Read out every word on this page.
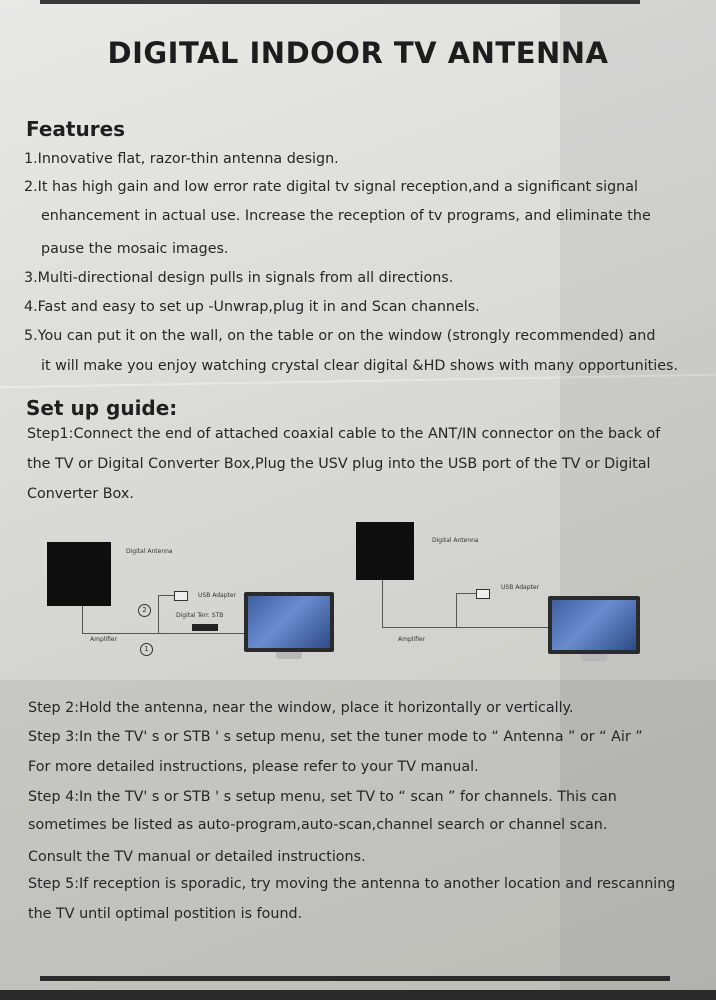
DIGITAL INDOOR TV ANTENNA
Features
1.Innovative flat, razor-thin antenna design.
2.It has high gain and low error rate digital tv signal reception,and a significant signal
enhancement in actual use. Increase the reception of tv programs, and eliminate the
pause the mosaic images.
3.Multi-directional design pulls in signals from all directions.
4.Fast and easy to set up -Unwrap,plug it in and Scan channels.
5.You can put it on the wall, on the table or on the window (strongly recommended) and
it will make you enjoy watching crystal clear digital &HD shows with many opportunities.
Set up guide:
Step1:Connect the end of attached coaxial cable to the ANT/IN connector on the back of
the TV or Digital Converter Box,Plug the USV plug into the USB port of the TV or Digital
Converter Box.
Digital Antenna
Amplifier
1
2
USB Adapter
Digital Terr. STB
Digital Antenna
Amplifier
USB Adapter
Step 2:Hold the antenna, near the window, place it horizontally or vertically.
Step 3:In the TV' s or STB ' s setup menu, set the tuner mode to “ Antenna ” or “ Air ”
For more detailed instructions, please refer to your TV manual.
Step 4:In the TV' s or STB ' s setup menu, set TV to “ scan ” for channels. This can
sometimes be listed as auto-program,auto-scan,channel search or channel scan.
Consult the TV manual or detailed instructions.
Step 5:If reception is sporadic, try moving the antenna to another location and rescanning
the TV until optimal postition is found.
